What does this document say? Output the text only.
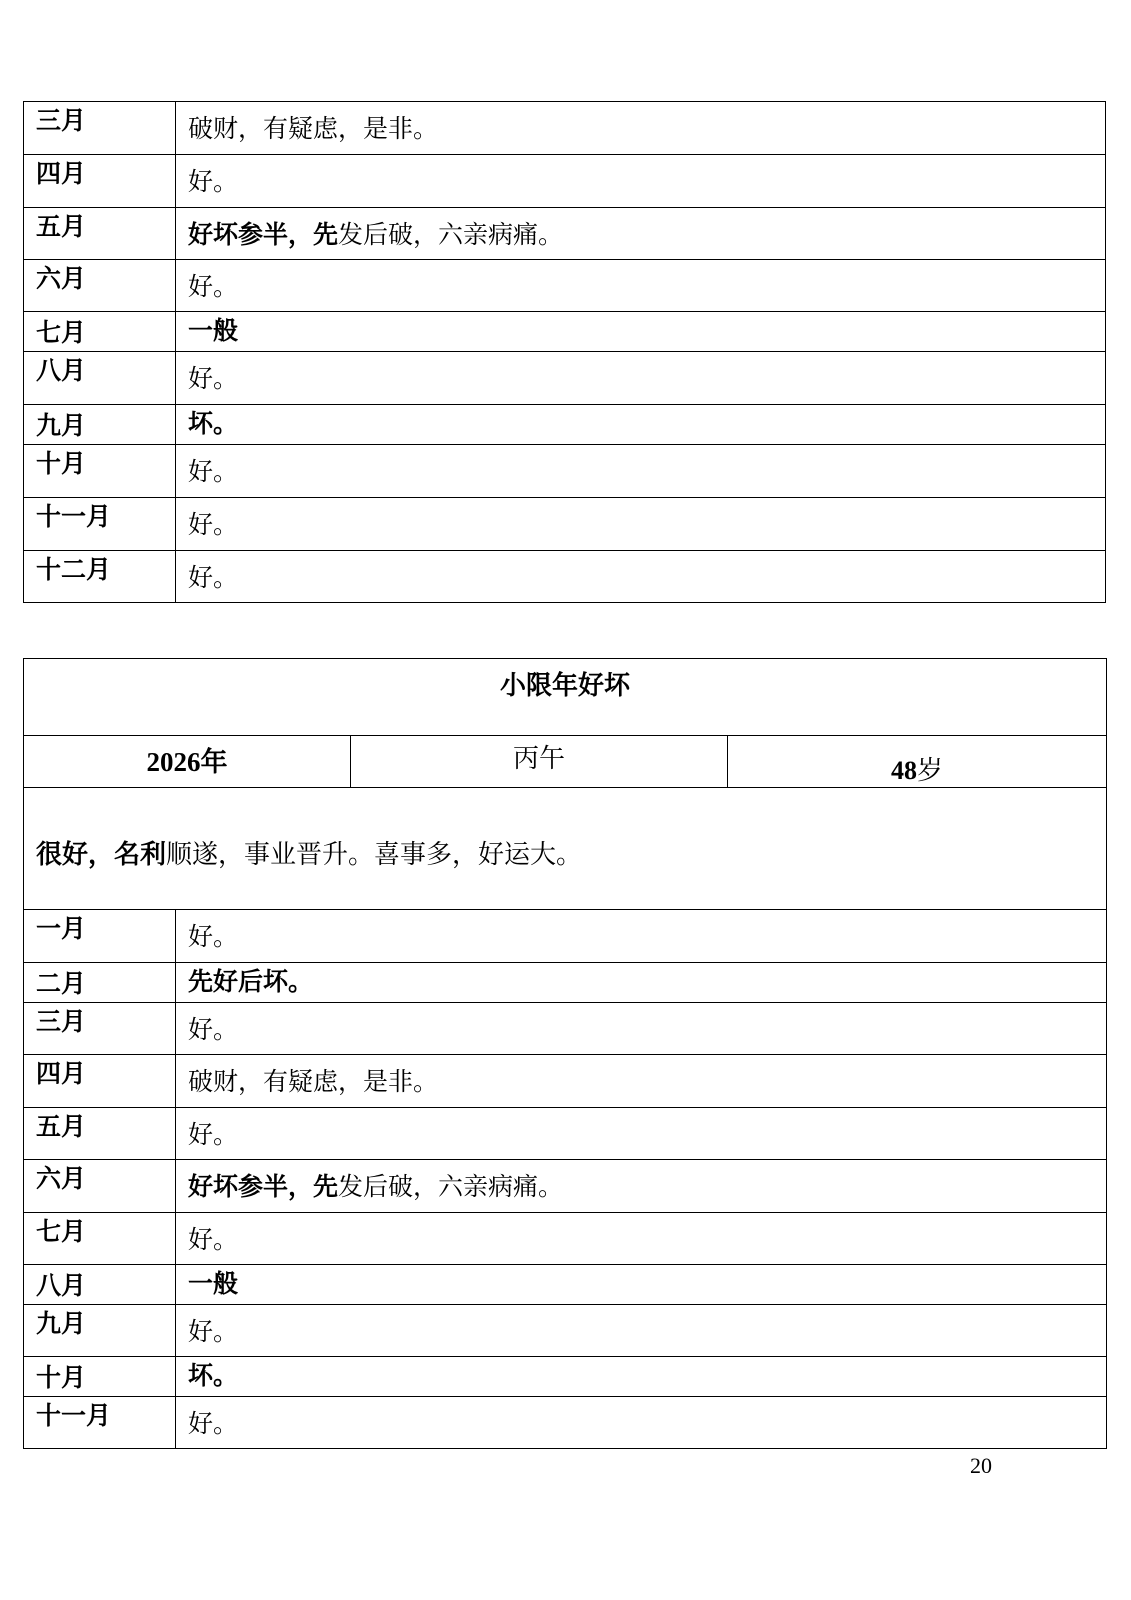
三月	破财，有疑虑，是非。

四月	好。

五月	好坏参半，先发后破，六亲病痛。

六月	好。

七月	一般

八月	好。

九月	坏。

十月	好。

十一月	好。

十二月	好。
小限年好坏			

2026年		丙午	48岁

很好，名利顺遂，事业晋升。喜事多，好运大。			

一月	好。		

二月	先好后坏。		

三月	好。		

四月	破财，有疑虑，是非。		

五月	好。		

六月	好坏参半，先发后破，六亲病痛。		

七月	好。		

八月	一般		

九月	好。		

十月	坏。		

十一月	好。		
20
